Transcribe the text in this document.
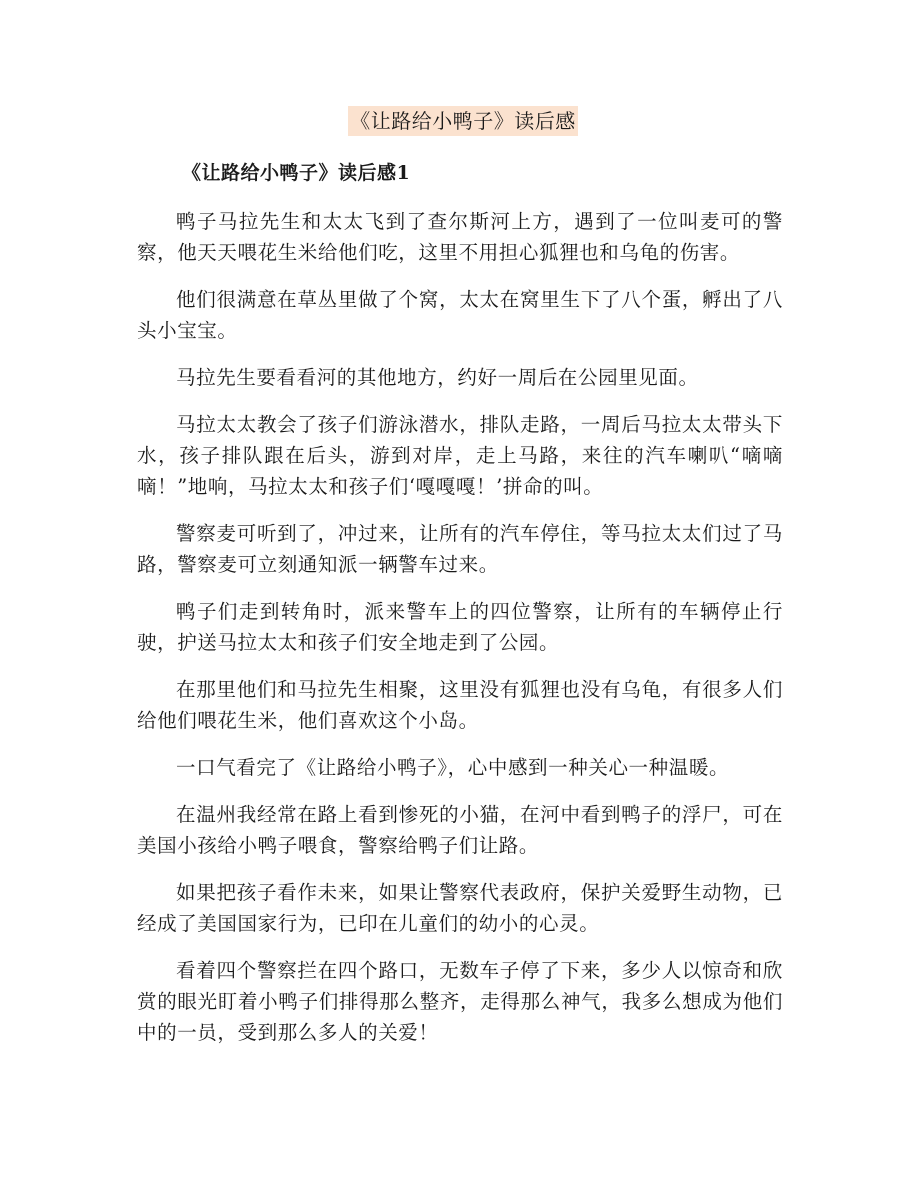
《让路给小鸭子》读后感
《让路给小鸭子》读后感1

鸭子马拉先生和太太飞到了查尔斯河上方，遇到了一位叫麦可的警察，他天天喂花生米给他们吃，这里不用担心狐狸也和乌龟的伤害。

他们很满意在草丛里做了个窝，太太在窝里生下了八个蛋，孵出了八头小宝宝。

马拉先生要看看河的其他地方，约好一周后在公园里见面。

马拉太太教会了孩子们游泳潜水，排队走路，一周后马拉太太带头下水，孩子排队跟在后头，游到对岸，走上马路，来往的汽车喇叭“嘀嘀嘀！”地响，马拉太太和孩子们‘嘎嘎嘎！’拼命的叫。

警察麦可听到了，冲过来，让所有的汽车停住，等马拉太太们过了马路，警察麦可立刻通知派一辆警车过来。

鸭子们走到转角时，派来警车上的四位警察，让所有的车辆停止行驶，护送马拉太太和孩子们安全地走到了公园。

在那里他们和马拉先生相聚，这里没有狐狸也没有乌龟，有很多人们给他们喂花生米，他们喜欢这个小岛。

一口气看完了《让路给小鸭子》，心中感到一种关心一种温暖。

在温州我经常在路上看到惨死的小猫，在河中看到鸭子的浮尸，可在美国小孩给小鸭子喂食，警察给鸭子们让路。

如果把孩子看作未来，如果让警察代表政府，保护关爱野生动物，已经成了美国国家行为，已印在儿童们的幼小的心灵。

看着四个警察拦在四个路口，无数车子停了下来，多少人以惊奇和欣赏的眼光盯着小鸭子们排得那么整齐，走得那么神气，我多么想成为他们中的一员，受到那么多人的关爱！
